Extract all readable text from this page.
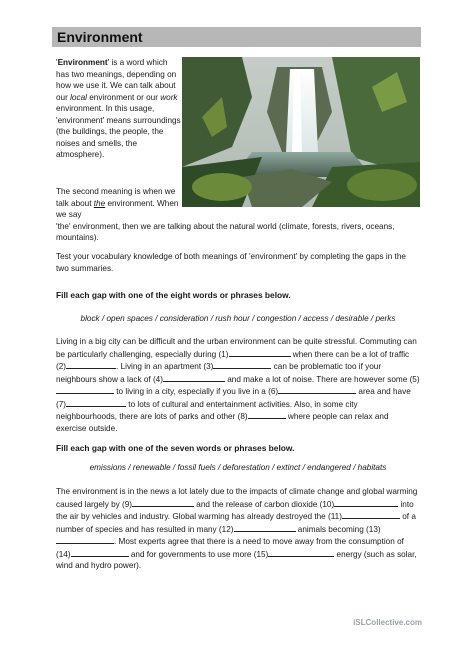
Environment
'Environment' is a word which has two meanings, depending on how we use it. We can talk about our local environment or our work environment. In this usage, 'environment' means surroundings (the buildings, the people, the noises and smells, the atmosphere).
The second meaning is when we talk about the environment. When we say
'the' environment, then we are talking about the natural world (climate, forests, rivers, oceans, mountains).
Test your vocabulary knowledge of both meanings of 'environment' by completing the gaps in the two summaries.
Fill each gap with one of the eight words or phrases below.
block / open spaces / consideration / rush hour / congestion / access / desirable / perks
Living in a big city can be difficult and the urban environment can be quite stressful. Commuting can be particularly challenging, especially during (1)	when there can be a lot of traffic (2)	. Living in an apartment (3)	can be problematic too if your neighbours show a lack of (4)	and make a lot of noise. There are however some (5) to living in a city, especially if you live in a (6)	area and have (7)	to lots of cultural and entertainment activities. Also, in some city neighbourhoods, there are lots of parks and other (8)	where people can relax and exercise outside.
Fill each gap with one of the seven words or phrases below.
emissions / renewable / fossil fuels / deforestation / extinct / endangered / habitats
The environment is in the news a lot lately due to the impacts of climate change and global warming caused largely by (9)	and the release of carbon dioxide (10)	into the air by vehicles and industry. Global warming has already destroyed the (11)	of a number of species and has resulted in many (12)	animals becoming (13). Most experts agree that there is a need to move away from the consumption of (14)	and for governments to use more (15)	energy (such as solar, wind and hydro power).
iSLCollective.com
